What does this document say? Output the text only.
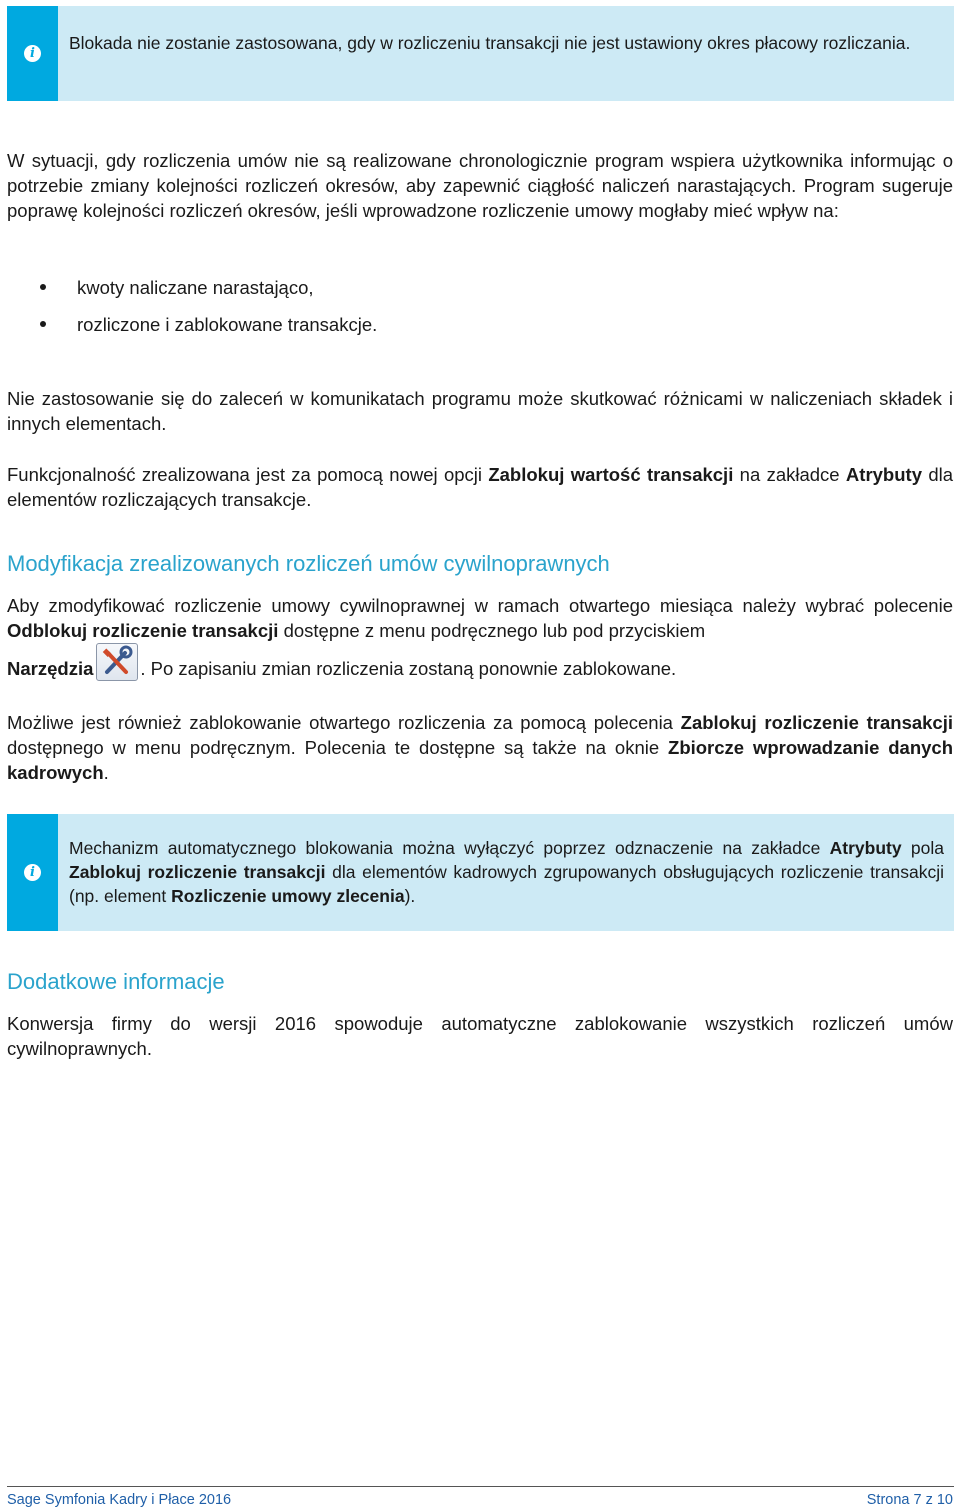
i
Blokada nie zostanie zastosowana, gdy w rozliczeniu transakcji nie jest ustawiony okres płacowy rozliczania.

W sytuacji, gdy rozliczenia umów nie są realizowane chronologicznie program wspiera użytkownika informując o potrzebie zmiany kolejności rozliczeń okresów, aby zapewnić ciągłość naliczeń narastających. Program sugeruje poprawę kolejności rozliczeń okresów, jeśli wprowadzone rozliczenie umowy mogłaby mieć wpływ na:

kwoty naliczane narastająco,
rozliczone i zablokowane transakcje.

Nie zastosowanie się do zaleceń w komunikatach programu może skutkować różnicami w naliczeniach składek i innych elementach.

Funkcjonalność zrealizowana jest za pomocą nowej opcji Zablokuj wartość transakcji na zakładce Atrybuty dla elementów rozliczających transakcje.

Modyfikacja zrealizowanych rozliczeń umów cywilnoprawnych

Aby zmodyfikować rozliczenie umowy cywilnoprawnej w ramach otwartego miesiąca należy wybrać polecenie Odblokuj rozliczenie transakcji dostępne z menu podręcznego lub pod przyciskiem

Narzędzia	. Po zapisaniu zmian rozliczenia zostaną ponownie zablokowane.

Możliwe jest również zablokowanie otwartego rozliczenia za pomocą polecenia Zablokuj rozliczenie transakcji dostępnego w menu podręcznym. Polecenia te dostępne są także na oknie Zbiorcze wprowadzanie danych kadrowych.

i
Mechanizm automatycznego blokowania można wyłączyć poprzez odznaczenie na zakładce Atrybuty pola Zablokuj rozliczenie transakcji dla elementów kadrowych zgrupowanych obsługujących rozliczenie transakcji (np. element Rozliczenie umowy zlecenia).
Dodatkowe informacje

Konwersja firmy do wersji 2016 spowoduje automatyczne zablokowanie wszystkich rozliczeń umów cywilnoprawnych.

Sage Symfonia Kadry i Płace 2016	Strona 7 z 10
